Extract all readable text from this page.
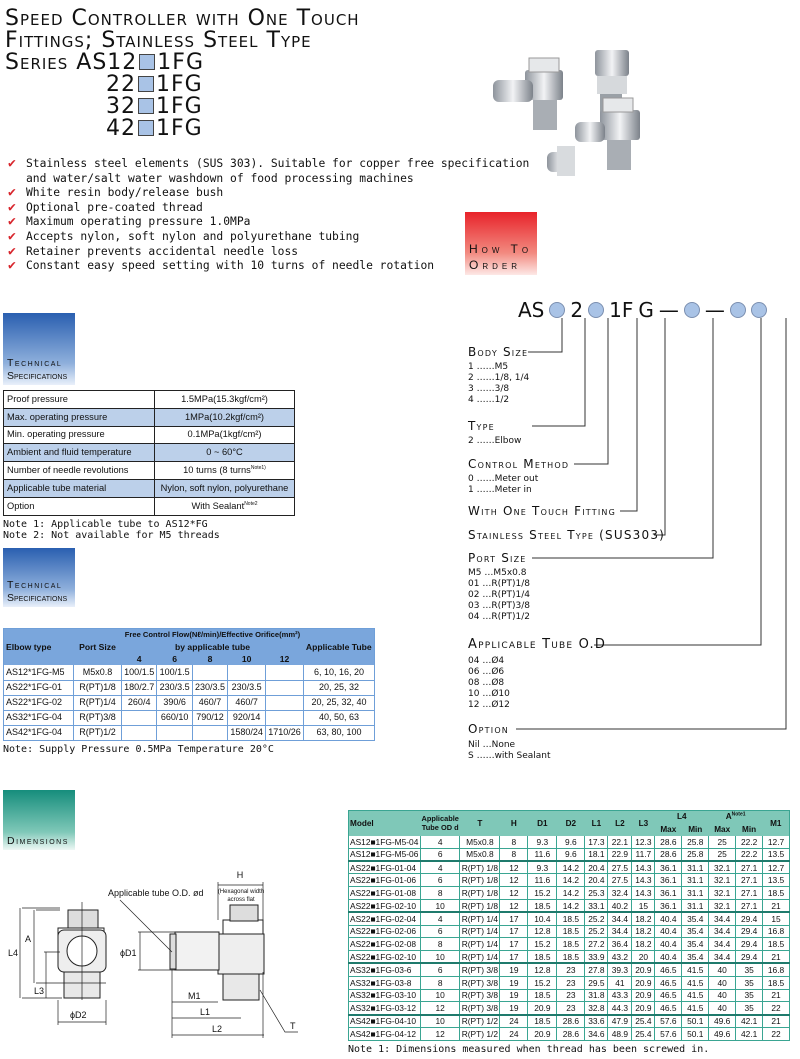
Speed Controller with One Touch
Fittings; Stainless Steel Type
Series AS12 1FG
22 1FG
32 1FG
42 1FG
✔ Stainless steel elements (SUS 303). Suitable for copper free specification
and water/salt water washdown of food processing machines
✔ White resin body/release bush
✔ Optional pre-coated thread
✔ Maximum operating pressure 1.0MPa
✔ Accepts nylon, soft nylon and polyurethane tubing
✔ Retainer prevents accidental needle loss
✔ Constant easy speed setting with 10 turns of needle rotation
Technical
Specifications
Proof pressure	1.5MPa(15.3kgf/cm²)
Max. operating pressure	1MPa(10.2kgf/cm²)
Min. operating pressure	0.1MPa(1kgf/cm²)
Ambient and fluid temperature	0 ~ 60°C
Number of needle revolutions	10 turns (8 turns$^{Note1)}$
Applicable tube material	Nylon, soft nylon, polyurethane
Option	With Sealant$^{Note2}$
Note 1: Applicable tube to AS12*FG
Note 2: Not available for M5 threads
Technical
Specifications
Elbow type	Port Size	Free Control Flow(Nℓ/min)/Effective Orifice(mm²)					Applicable Tube
		by applicable tube					
		4	6	8	10	12	
AS12*1FG-M5	M5x0.8	100/1.5	100/1.5				6, 10, 16, 20
AS22*1FG-01	R(PT)1/8	180/2.7	230/3.5	230/3.5	230/3.5		20, 25, 32
AS22*1FG-02	R(PT)1/4	260/4	390/6	460/7	460/7		20, 25, 32, 40
AS32*1FG-04	R(PT)3/8		660/10	790/12	920/14		40, 50, 63
AS42*1FG-04	R(PT)1/2				1580/24	1710/26	63, 80, 100
Note: Supply Pressure 0.5MPa Temperature 20°C
How To
Order
AS 2 1F G — —
Body Size
1 ……M5
2 ……1/8, 1/4
3 ……3/8
4 ……1/2
Type
2 ……Elbow
Control Method
0 ……Meter out
1 ……Meter in
With One Touch Fitting
Stainless Steel Type (SUS303)
Port Size
M5 …M5x0.8
01 …R(PT)1/8
02 …R(PT)1/4
03 …R(PT)3/8
04 …R(PT)1/2
Applicable Tube O.D
04 …Ø4
06 …Ø6
08 …Ø8
10 …Ø10
12 …Ø12
Option
Nil …None
S ……with Sealant
Dimensions
Applicable tube O.D. ød
H
(Hexagonal width
across flat
L4
A
L3
ϕD2
ϕD1
M1
L1
L2	T
Model	Applicable Tube OD d	T	H	D1	D2	L1	L2	L3	L4		$A^{Note1}$		M1
									Max	Min	Max	Min	
AS12■1FG-M5-04	4	M5x0.8	8	9.3	9.6	17.3	22.1	12.3	28.6	25.8	25	22.2	12.7
AS12■1FG-M5-06	6	M5x0.8	8	11.6	9.6	18.1	22.9	11.7	28.6	25.8	25	22.2	13.5
AS22■1FG-01-04	4	R(PT) 1/8	12	9.3	14.2	20.4	27.5	14.3	36.1	31.1	32.1	27.1	12.7
AS22■1FG-01-06	6	R(PT) 1/8	12	11.6	14.2	20.4	27.5	14.3	36.1	31.1	32.1	27.1	13.5
AS22■1FG-01-08	8	R(PT) 1/8	12	15.2	14.2	25.3	32.4	14.3	36.1	31.1	32.1	27.1	18.5
AS22■1FG-02-10	10	R(PT) 1/8	12	18.5	14.2	33.1	40.2	15	36.1	31.1	32.1	27.1	21
AS22■1FG-02-04	4	R(PT) 1/4	17	10.4	18.5	25.2	34.4	18.2	40.4	35.4	34.4	29.4	15
AS22■1FG-02-06	6	R(PT) 1/4	17	12.8	18.5	25.2	34.4	18.2	40.4	35.4	34.4	29.4	16.8
AS22■1FG-02-08	8	R(PT) 1/4	17	15.2	18.5	27.2	36.4	18.2	40.4	35.4	34.4	29.4	18.5
AS22■1FG-02-10	10	R(PT) 1/4	17	18.5	18.5	33.9	43.2	20	40.4	35.4	34.4	29.4	21
AS32■1FG-03-6	6	R(PT) 3/8	19	12.8	23	27.8	39.3	20.9	46.5	41.5	40	35	16.8
AS32■1FG-03-8	8	R(PT) 3/8	19	15.2	23	29.5	41	20.9	46.5	41.5	40	35	18.5
AS32■1FG-03-10	10	R(PT) 3/8	19	18.5	23	31.8	43.3	20.9	46.5	41.5	40	35	21
AS32■1FG-03-12	12	R(PT) 3/8	19	20.9	23	32.8	44.3	20.9	46.5	41.5	40	35	22
AS42■1FG-04-10	10	R(PT) 1/2	24	18.5	28.6	33.6	47.9	25.4	57.6	50.1	49.6	42.1	21
AS42■1FG-04-12	12	R(PT) 1/2	24	20.9	28.6	34.6	48.9	25.4	57.6	50.1	49.6	42.1	22
Note 1: Dimensions measured when thread has been screwed in.
